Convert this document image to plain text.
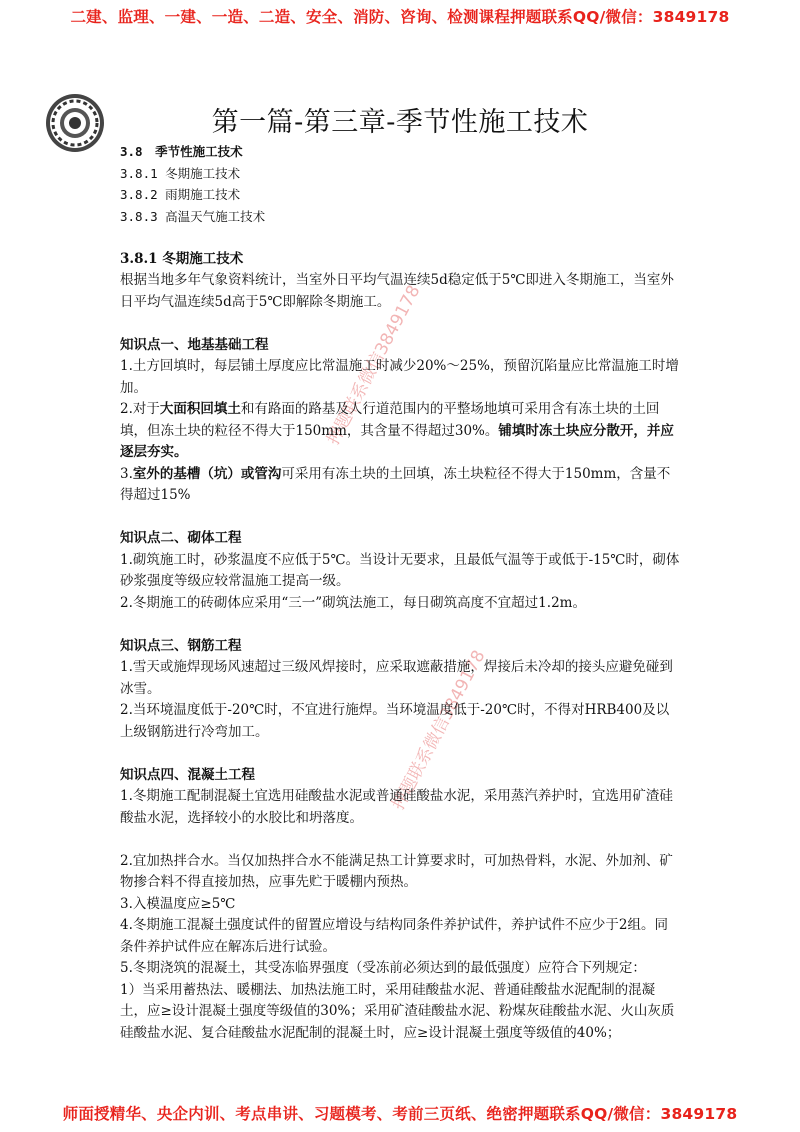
二建、监理、一建、一造、二造、安全、消防、咨询、检测课程押题联系QQ/微信：3849178
第一篇-第三章-季节性施工技术
押题联系微信3849178
押题联系微信3849178

3.8　季节性施工技术

3.8.1 冬期施工技术

3.8.2 雨期施工技术

3.8.3 高温天气施工技术

3.8.1 冬期施工技术

根据当地多年气象资料统计，当室外日平均气温连续5d稳定低于5℃即进入冬期施工，当室外日平均气温连续5d高于5℃即解除冬期施工。

知识点一、地基基础工程

1.土方回填时，每层铺土厚度应比常温施工时减少20%～25%，预留沉陷量应比常温施工时增加。

2.对于大面积回填土和有路面的路基及人行道范围内的平整场地填可采用含有冻土块的土回填，但冻土块的粒径不得大于150mm，其含量不得超过30%。铺填时冻土块应分散开，并应逐层夯实。

3.室外的基槽（坑）或管沟可采用有冻土块的土回填，冻土块粒径不得大于150mm，含量不得超过15%

知识点二、砌体工程

1.砌筑施工时，砂浆温度不应低于5℃。当设计无要求，且最低气温等于或低于-15℃时，砌体砂浆强度等级应较常温施工提高一级。

2.冬期施工的砖砌体应采用“三一”砌筑法施工，每日砌筑高度不宜超过1.2m。

知识点三、钢筋工程

1.雪天或施焊现场风速超过三级风焊接时，应采取遮蔽措施，焊接后未冷却的接头应避免碰到冰雪。

2.当环境温度低于-20℃时，不宜进行施焊。当环境温度低于-20℃时，不得对HRB400及以上级钢筋进行冷弯加工。

知识点四、混凝土工程

1.冬期施工配制混凝土宜选用硅酸盐水泥或普通硅酸盐水泥，采用蒸汽养护时，宜选用矿渣硅酸盐水泥，选择较小的水胶比和坍落度。

2.宜加热拌合水。当仅加热拌合水不能满足热工计算要求时，可加热骨料，水泥、外加剂、矿物掺合料不得直接加热，应事先贮于暖棚内预热。

3.入模温度应≥5℃

4.冬期施工混凝土强度试件的留置应增设与结构同条件养护试件，养护试件不应少于2组。同条件养护试件应在解冻后进行试验。

5.冬期浇筑的混凝土，其受冻临界强度（受冻前必须达到的最低强度）应符合下列规定：

1）当采用蓄热法、暖棚法、加热法施工时，采用硅酸盐水泥、普通硅酸盐水泥配制的混凝土，应≥设计混凝土强度等级值的30%；采用矿渣硅酸盐水泥、粉煤灰硅酸盐水泥、火山灰质硅酸盐水泥、复合硅酸盐水泥配制的混凝土时，应≥设计混凝土强度等级值的40%；

师面授精华、央企内训、考点串讲、习题模考、考前三页纸、绝密押题联系QQ/微信：3849178
